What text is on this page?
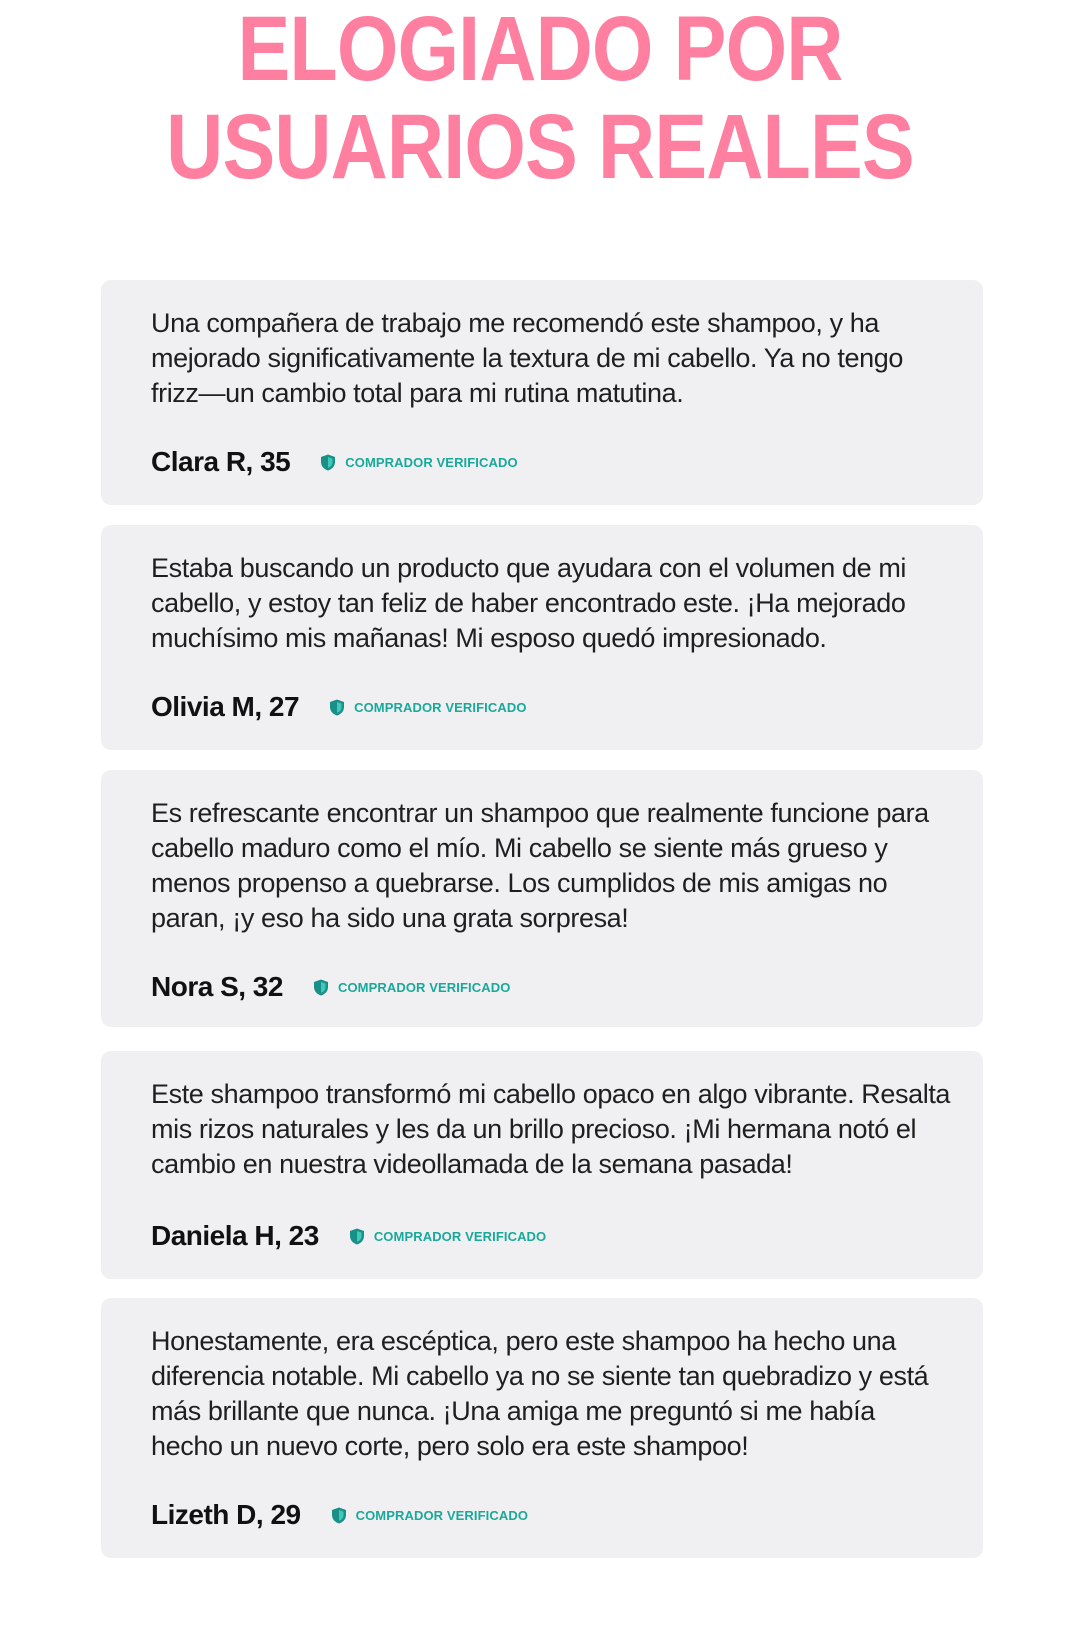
ELOGIADO POR
USUARIOS REALES

Una compañera de trabajo me recomendó este shampoo, y ha mejorado significativamente la textura de mi cabello. Ya no tengo frizz—un cambio total para mi rutina matutina.

Clara R, 35	COMPRADOR VERIFICADO

Estaba buscando un producto que ayudara con el volumen de mi cabello, y estoy tan feliz de haber encontrado este. ¡Ha mejorado muchísimo mis mañanas! Mi esposo quedó impresionado.

Olivia M, 27	COMPRADOR VERIFICADO

Es refrescante encontrar un shampoo que realmente funcione para cabello maduro como el mío. Mi cabello se siente más grueso y menos propenso a quebrarse. Los cumplidos de mis amigas no paran, ¡y eso ha sido una grata sorpresa!

Nora S, 32	COMPRADOR VERIFICADO

Este shampoo transformó mi cabello opaco en algo vibrante. Resalta mis rizos naturales y les da un brillo precioso. ¡Mi hermana notó el cambio en nuestra videollamada de la semana pasada!

Daniela H, 23	COMPRADOR VERIFICADO

Honestamente, era escéptica, pero este shampoo ha hecho una diferencia notable. Mi cabello ya no se siente tan quebradizo y está más brillante que nunca. ¡Una amiga me preguntó si me había hecho un nuevo corte, pero solo era este shampoo!

Lizeth D, 29	COMPRADOR VERIFICADO
